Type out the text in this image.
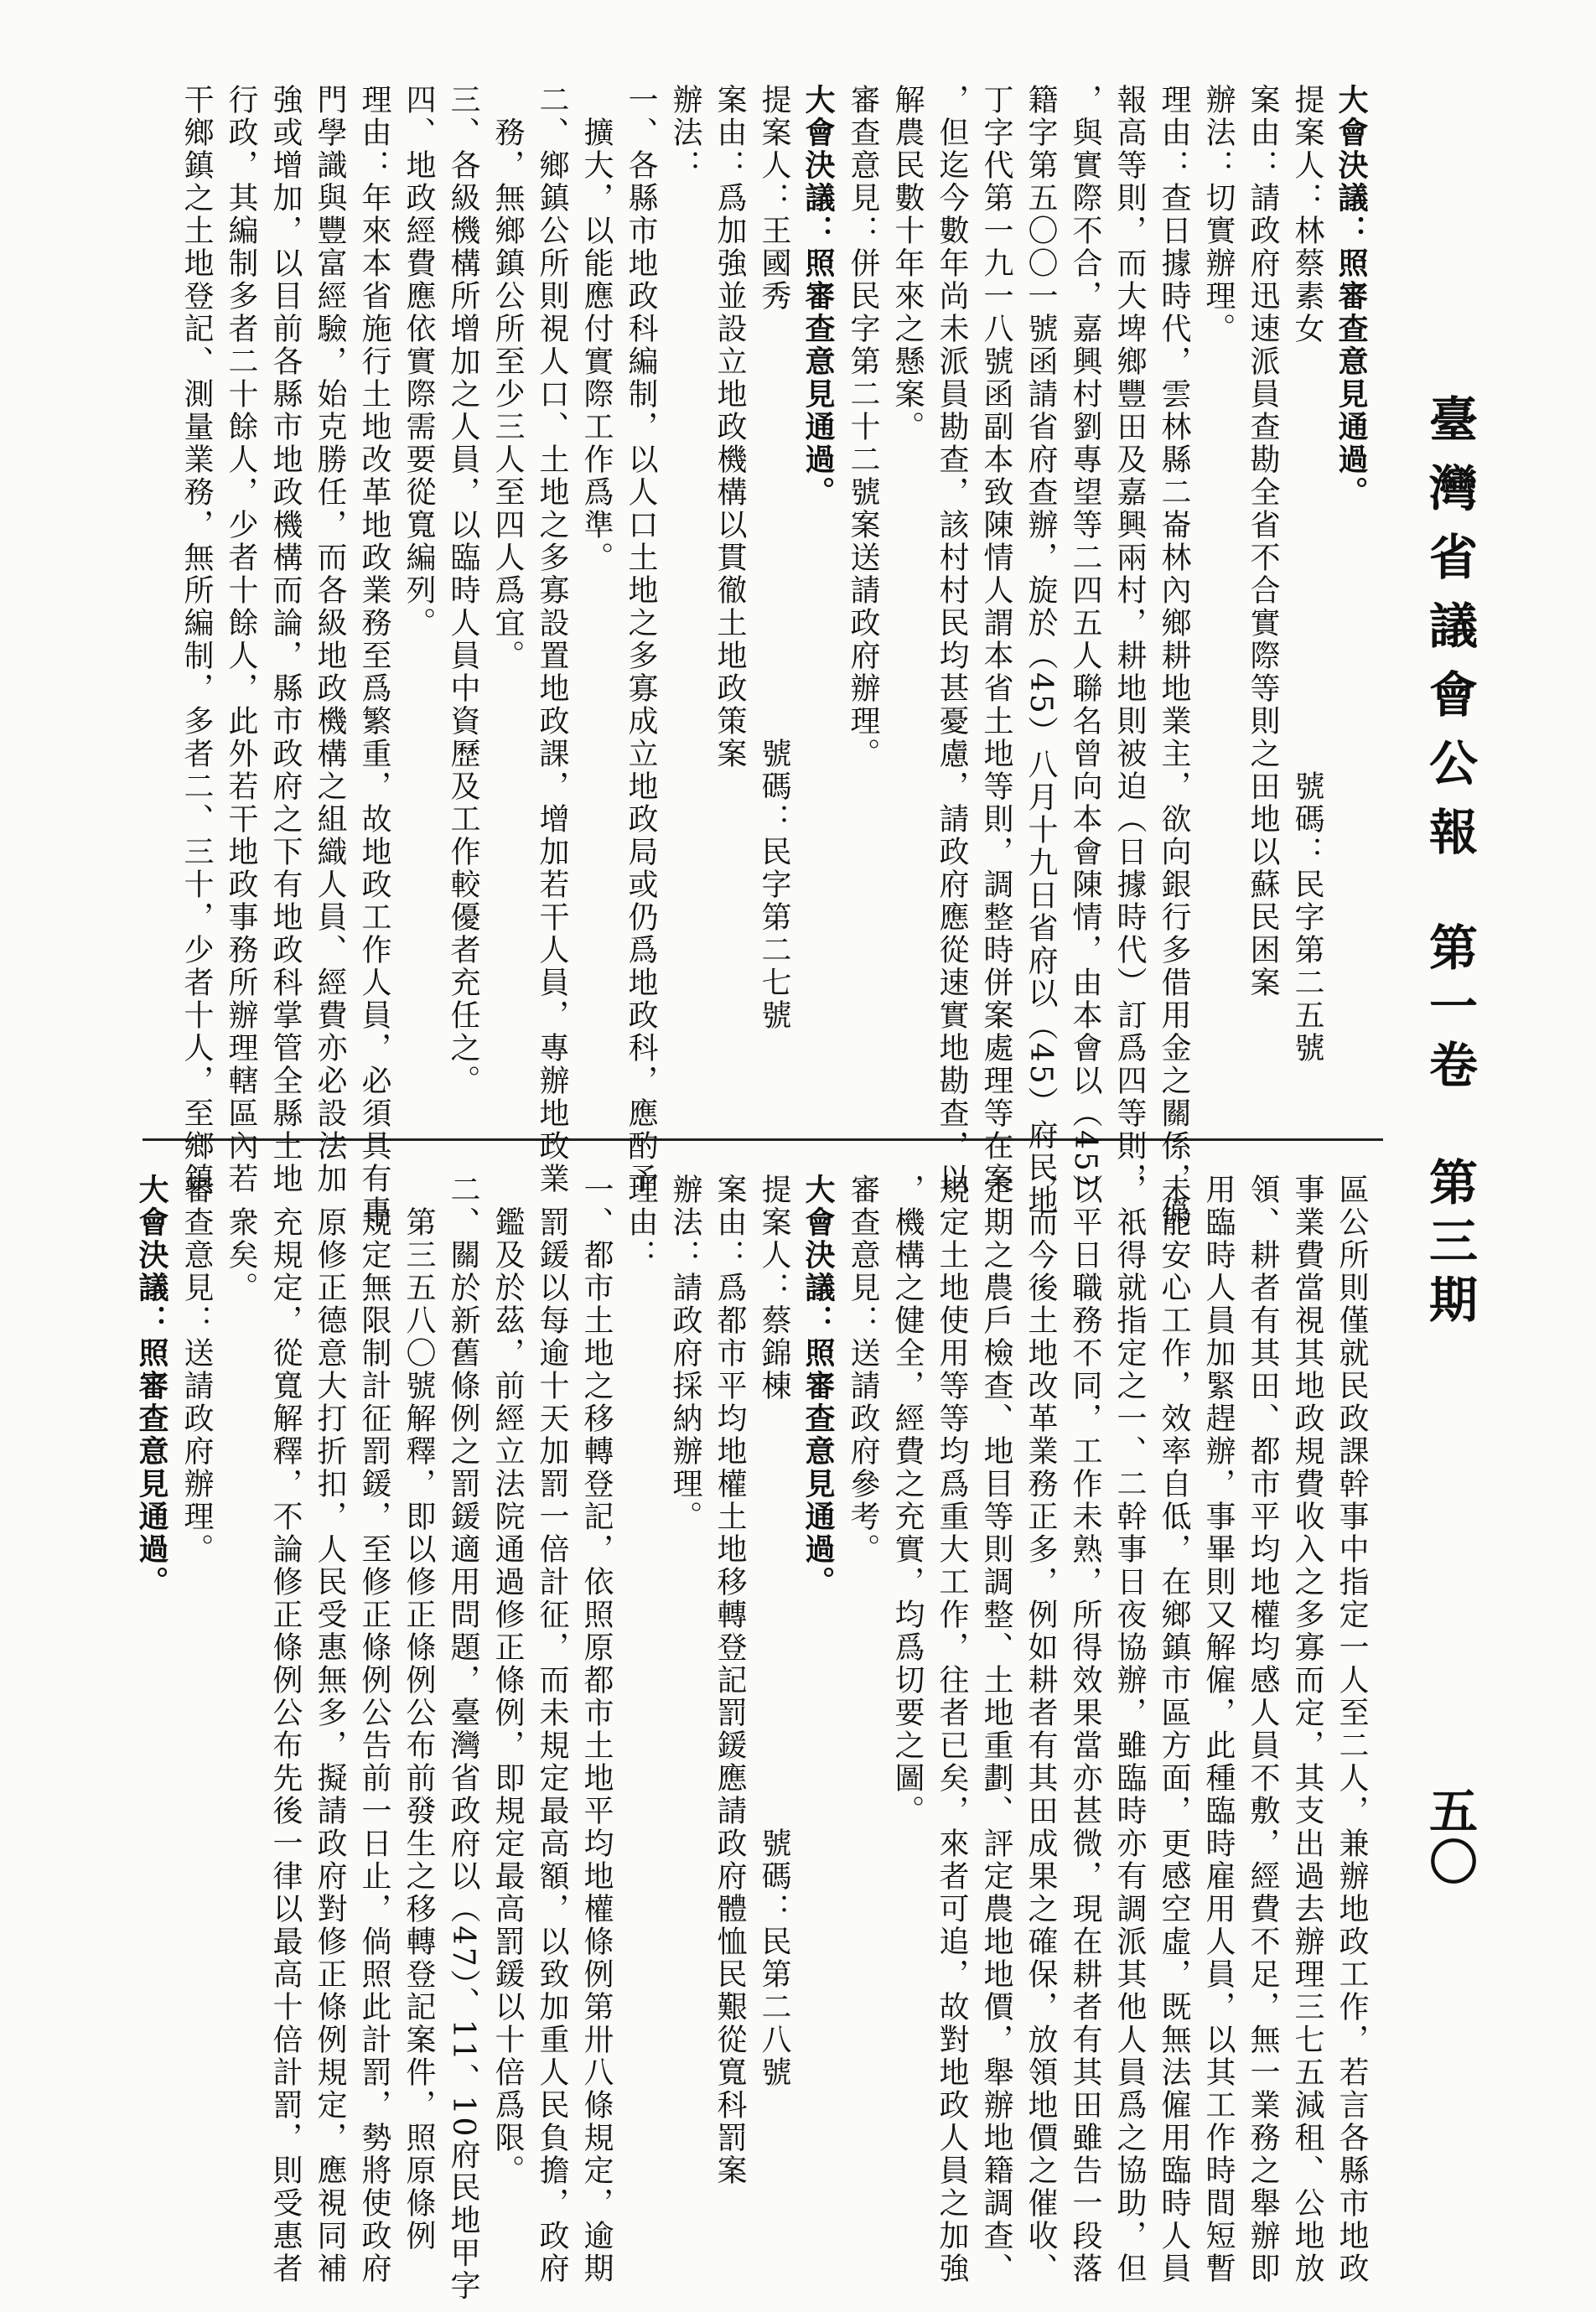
臺灣省議會公報
第一卷
第三期
五〇
大會決議：照審查意見通過。
提案人：林蔡素女　　　　　　　　　　　　　號碼：民字第二五號
案由：請政府迅速派員查勘全省不合實際等則之田地以蘇民困案
辦法：切實辦理。
理由：查日據時代，雲林縣二崙林內鄉耕地業主，欲向銀行多借用金之關係，僞
報高等則，而大埤鄉豐田及嘉興兩村，耕地則被迫（日據時代）訂爲四等則，
，與實際不合，嘉興村劉專望等二四五人聯名曾向本會陳情，由本會以（45）
籍字第五〇〇一號函請省府查辦，旋於（45）八月十九日省府以（45）府民地
丁字代第一九一八號函副本致陳情人謂本省土地等則，調整時併案處理等在案
，但迄今數年尚未派員勘查，該村村民均甚憂慮，請政府應從速實地勘查，以
解農民數十年來之懸案。
審查意見：併民字第二十二號案送請政府辦理。
大會決議：照審查意見通過。
提案人：王國秀　　　　　　　　　　　　　號碼：民字第二七號
案由：爲加強並設立地政機構以貫徹土地政策案
辦法：
一、各縣市地政科編制，以人口土地之多寡成立地政局或仍爲地政科，應酌予
　擴大，以能應付實際工作爲準。
二、鄉鎮公所則視人口、土地之多寡設置地政課，增加若干人員，專辦地政業
　務，無鄉鎮公所至少三人至四人爲宜。
三、各級機構所增加之人員，以臨時人員中資歷及工作較優者充任之。
四、地政經費應依實際需要從寬編列。
理由：年來本省施行土地改革地政業務至爲繁重，故地政工作人員，必須具有專
門學識與豐富經驗，始克勝任，而各級地政機構之組織人員、經費亦必設法加
強或增加，以目前各縣市地政機構而論，縣市政府之下有地政科掌管全縣土地
行政，其編制多者二十餘人，少者十餘人，此外若干地政事務所辦理轄區內若
干鄉鎮之土地登記、測量業務，無所編制，多者二、三十，少者十人，至鄉鎮
區公所則僅就民政課幹事中指定一人至二人，兼辦地政工作，若言各縣市地政
事業費當視其地政規費收入之多寡而定，其支出過去辦理三七五減租、公地放
領、耕者有其田、都市平均地權均感人員不敷，經費不足，無一業務之舉辦即
用臨時人員加緊趕辦，事畢則又解僱，此種臨時雇用人員，以其工作時間短暫
未能安心工作，效率自低，在鄉鎮市區方面，更感空虛，既無法僱用臨時人員
，祇得就指定之一、二幹事日夜協辦，雖臨時亦有調派其他人員爲之協助，但
以平日職務不同，工作未熟，所得效果當亦甚微，現在耕者有其田雖告一段落
，而今後土地改革業務正多，例如耕者有其田成果之確保，放領地價之催收、
定期之農戶檢查、地目等則調整、土地重劃、評定農地地價，舉辦地籍調查、
規定土地使用等等均爲重大工作，往者已矣，來者可追，故對地政人員之加強
，機構之健全，經費之充實，均爲切要之圖。
審查意見：送請政府參考。
大會決議：照審查意見通過。
提案人：蔡錦棟　　　　　　　　　　　　　號碼：民第二八號
案由：爲都市平均地權土地移轉登記罰鍰應請政府體恤民艱從寬科罰案
辦法：請政府採納辦理。
理由：
一、都市土地之移轉登記，依照原都市土地平均地權條例第卅八條規定，逾期
　罰鍰以每逾十天加罰一倍計征，而未規定最高額，以致加重人民負擔，政府
　鑑及於茲，前經立法院通過修正條例，即規定最高罰鍰以十倍爲限。
二、關於新舊條例之罰鍰適用問題，臺灣省政府以（47）、11、10府民地甲字
　第三五八〇號解釋，即以修正條例公布前發生之移轉登記案件，照原條例
　規定無限制計征罰鍰，至修正條例公告前一日止，倘照此計罰，勢將使政府
　原修正德意大打折扣，人民受惠無多，擬請政府對修正條例規定，應視同補
　充規定，從寬解釋，不論修正條例公布先後一律以最高十倍計罰，則受惠者
　衆矣。
審查意見：送請政府辦理。
大會決議：照審查意見通過。
